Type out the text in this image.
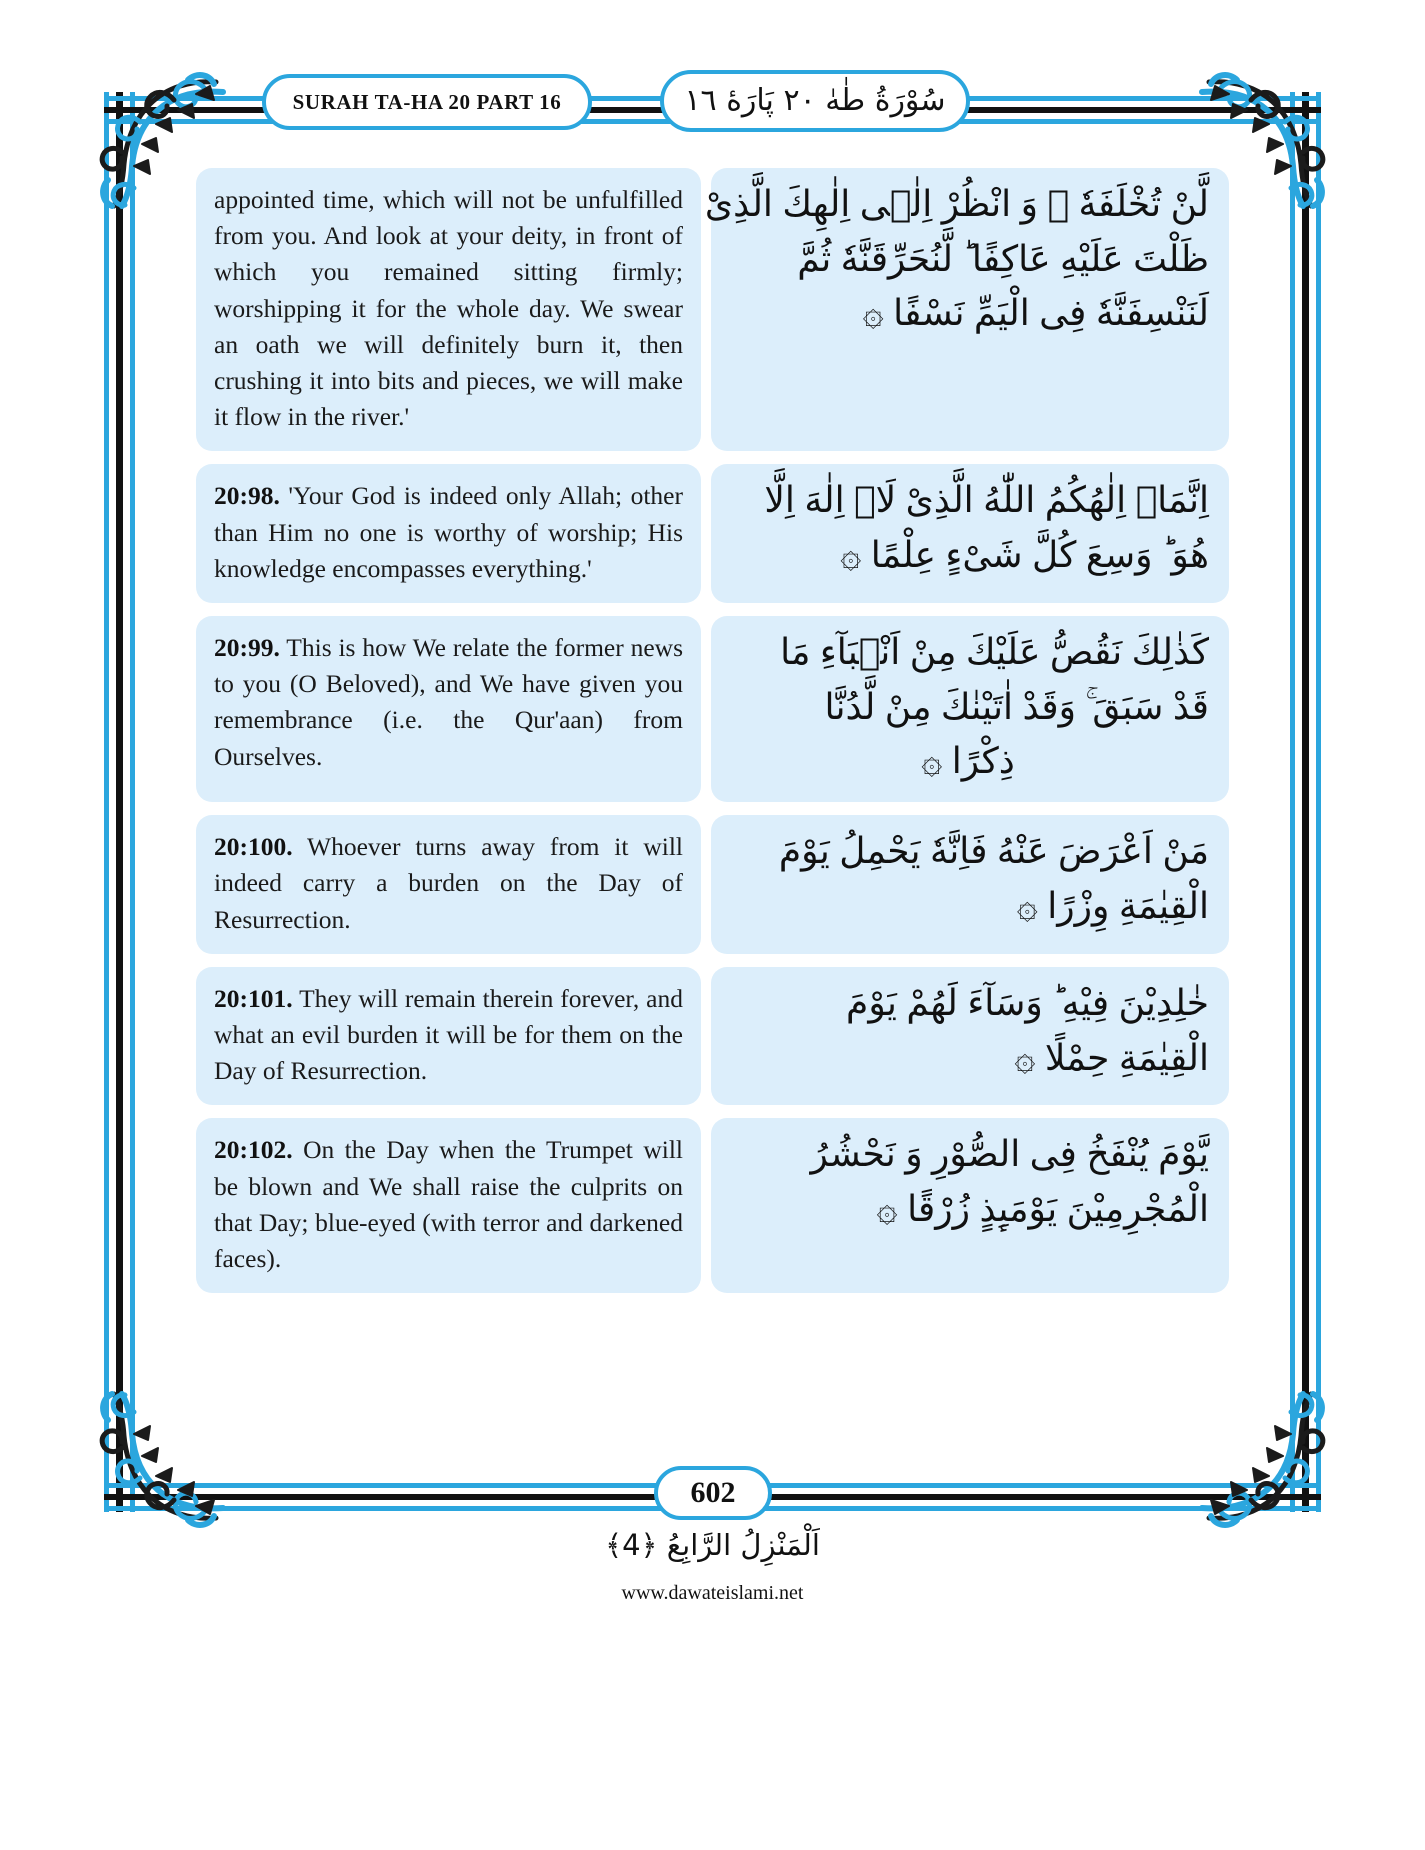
SURAH TA-HA 20 PART 16	سُوْرَةُ طٰهٰ ٢٠ پَارَهٔ ١٦
appointed time, which will not be unfulfilled from you. And look at your deity, in front of which you remained sitting firmly; worshipping it for the whole day. We swear an oath we will definitely burn it, then crushing it into bits and pieces, we will make it flow in the river.'
لَّنْ تُخْلَفَهٗ ۚ وَ انْظُرْ اِلٰۤى اِلٰهِكَ الَّذِیْ
ظَلْتَ عَلَیْهِ عَاكِفًا ؕ لَّنُحَرِّقَنَّهٗ ثُمَّ
لَنَنْسِفَنَّهٗ فِی الْیَمِّ نَسْفًا ۞
20:98. 'Your God is indeed only Allah; other than Him no one is worthy of worship; His knowledge encompasses everything.'
اِنَّمَاۤ اِلٰهُكُمُ اللّٰهُ الَّذِیْ لَاۤ اِلٰهَ اِلَّا
هُوَ ؕ وَسِعَ كُلَّ شَیْءٍ عِلْمًا ۞
20:99. This is how We relate the former news to you (O Beloved), and We have given you remembrance (i.e. the Qur'aan) from Ourselves.
كَذٰلِكَ نَقُصُّ عَلَیْكَ مِنْ اَنْۢبَآءِ مَا
قَدْ سَبَقَ ۚ وَقَدْ اٰتَیْنٰكَ مِنْ لَّدُنَّا
ذِكْرًا ۞
20:100. Whoever turns away from it will indeed carry a burden on the Day of Resurrection.
مَنْ اَعْرَضَ عَنْهُ فَاِنَّهٗ یَحْمِلُ یَوْمَ
الْقِیٰمَةِ وِزْرًا ۞
20:101. They will remain therein forever, and what an evil burden it will be for them on the Day of Resurrection.
خٰلِدِیْنَ فِیْهِ ؕ وَسَآءَ لَهُمْ یَوْمَ
الْقِیٰمَةِ حِمْلًا ۞
20:102. On the Day when the Trumpet will be blown and We shall raise the culprits on that Day; blue-eyed (with terror and darkened faces).
یَّوْمَ یُنْفَخُ فِی الصُّوْرِ وَ نَحْشُرُ
الْمُجْرِمِیْنَ یَوْمَىِٕذٍ زُرْقًا ۞
602
اَلْمَنْزِلُ الرَّابِعُ ﴿4﴾
www.dawateislami.net
